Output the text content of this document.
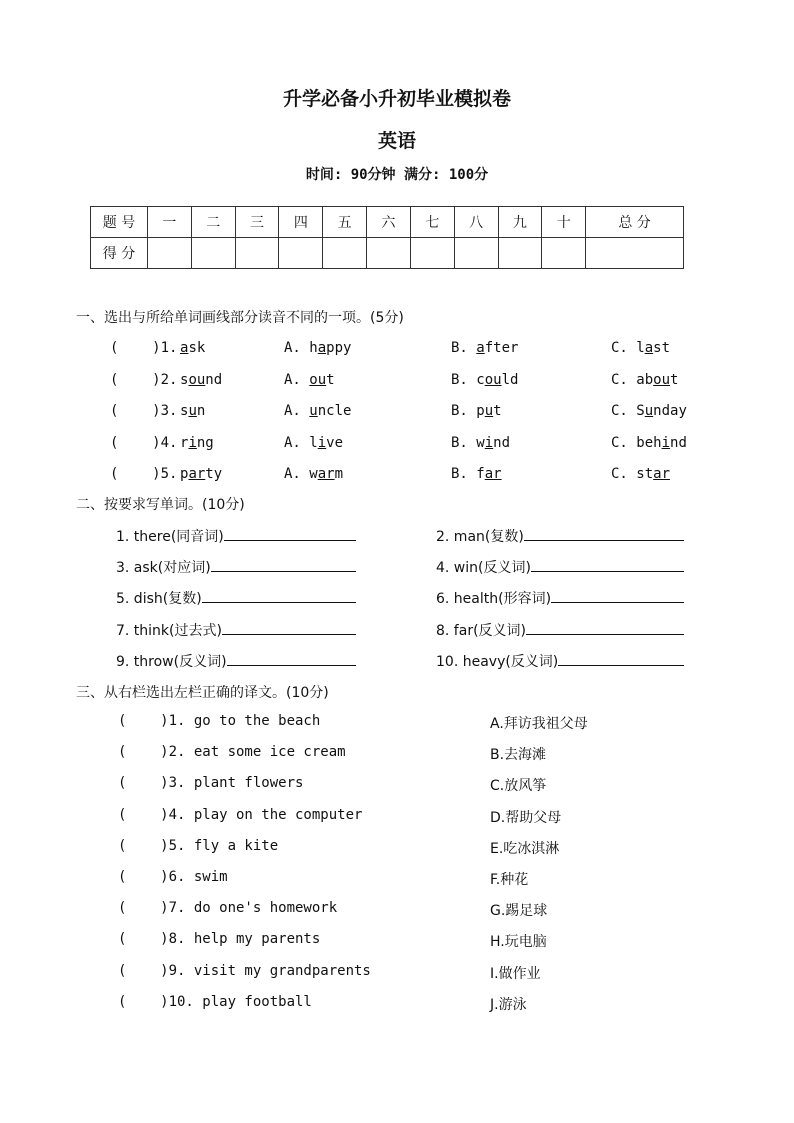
升学必备小升初毕业模拟卷
英语
时间: 90分钟 满分: 100分
题 号	一	二	三	四	五	六	七	八	九	十	总 分
得 分											
一、选出与所给单词画线部分读音不同的一项。(5分)
(    )1. ask	A. happy	B. after	C. last
(    )2. sound	A. out	B. could	C. about
(    )3. sun	A. uncle	B. put	C. Sunday
(    )4. ring	A. live	B. wind	C. behind
(    )5. party	A. warm	B. far	C. star
二、按要求写单词。(10分)
1. there(同音词)	2. man(复数)
3. ask(对应词)	4. win(反义词)
5. dish(复数)	6. health(形容词)
7. think(过去式)	8. far(反义词)
9. throw(反义词)	10. heavy(反义词)
三、从右栏选出左栏正确的译文。(10分)
(    )1. go to the beach	A.拜访我祖父母
(    )2. eat some ice cream	B.去海滩
(    )3. plant flowers	C.放风筝
(    )4. play on the computer	D.帮助父母
(    )5. fly a kite	E.吃冰淇淋
(    )6. swim	F.种花
(    )7. do one's homework	G.踢足球
(    )8. help my parents	H.玩电脑
(    )9. visit my grandparents	I.做作业
(    )10. play football	J.游泳
